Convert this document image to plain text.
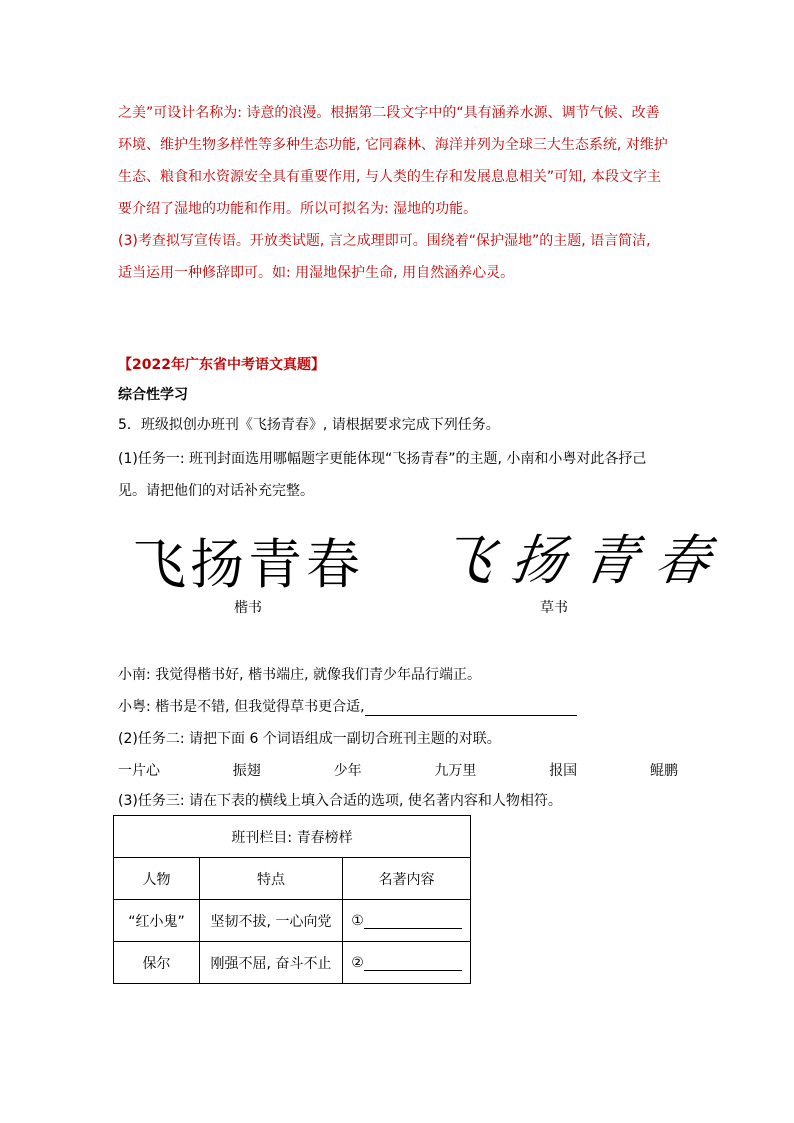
之美”可设计名称为: 诗意的浪漫。根据第二段文字中的“具有涵养水源、调节气候、改善
环境、维护生物多样性等多种生态功能, 它同森林、海洋并列为全球三大生态系统, 对维护
生态、粮食和水资源安全具有重要作用, 与人类的生存和发展息息相关”可知, 本段文字主
要介绍了湿地的功能和作用。所以可拟名为: 湿地的功能。
(3)考查拟写宣传语。开放类试题, 言之成理即可。围绕着“保护湿地”的主题, 语言简洁,
适当运用一种修辞即可。如: 用湿地保护生命, 用自然涵养心灵。
【2022年广东省中考语文真题】
综合性学习
5．班级拟创办班刊《飞扬青春》, 请根据要求完成下列任务。
(1)任务一: 班刊封面选用哪幅题字更能体现“飞扬青春”的主题, 小南和小粤对此各抒己
见。请把他们的对话补充完整。
飞扬青春 飞扬青春
楷书	草书
小南: 我觉得楷书好, 楷书端庄, 就像我们青少年品行端正。
小粤: 楷书是不错, 但我觉得草书更合适,
(2)任务二: 请把下面 6 个词语组成一副切合班刊主题的对联。
一片心	振翅	少年	九万里	报国	鲲鹏
(3)任务三: 请在下表的横线上填入合适的选项, 使名著内容和人物相符。
班刊栏目: 青春榜样		
人物	特点	名著内容
“红小鬼”	坚韧不拔, 一心向党	①
保尔	刚强不屈, 奋斗不止	②
